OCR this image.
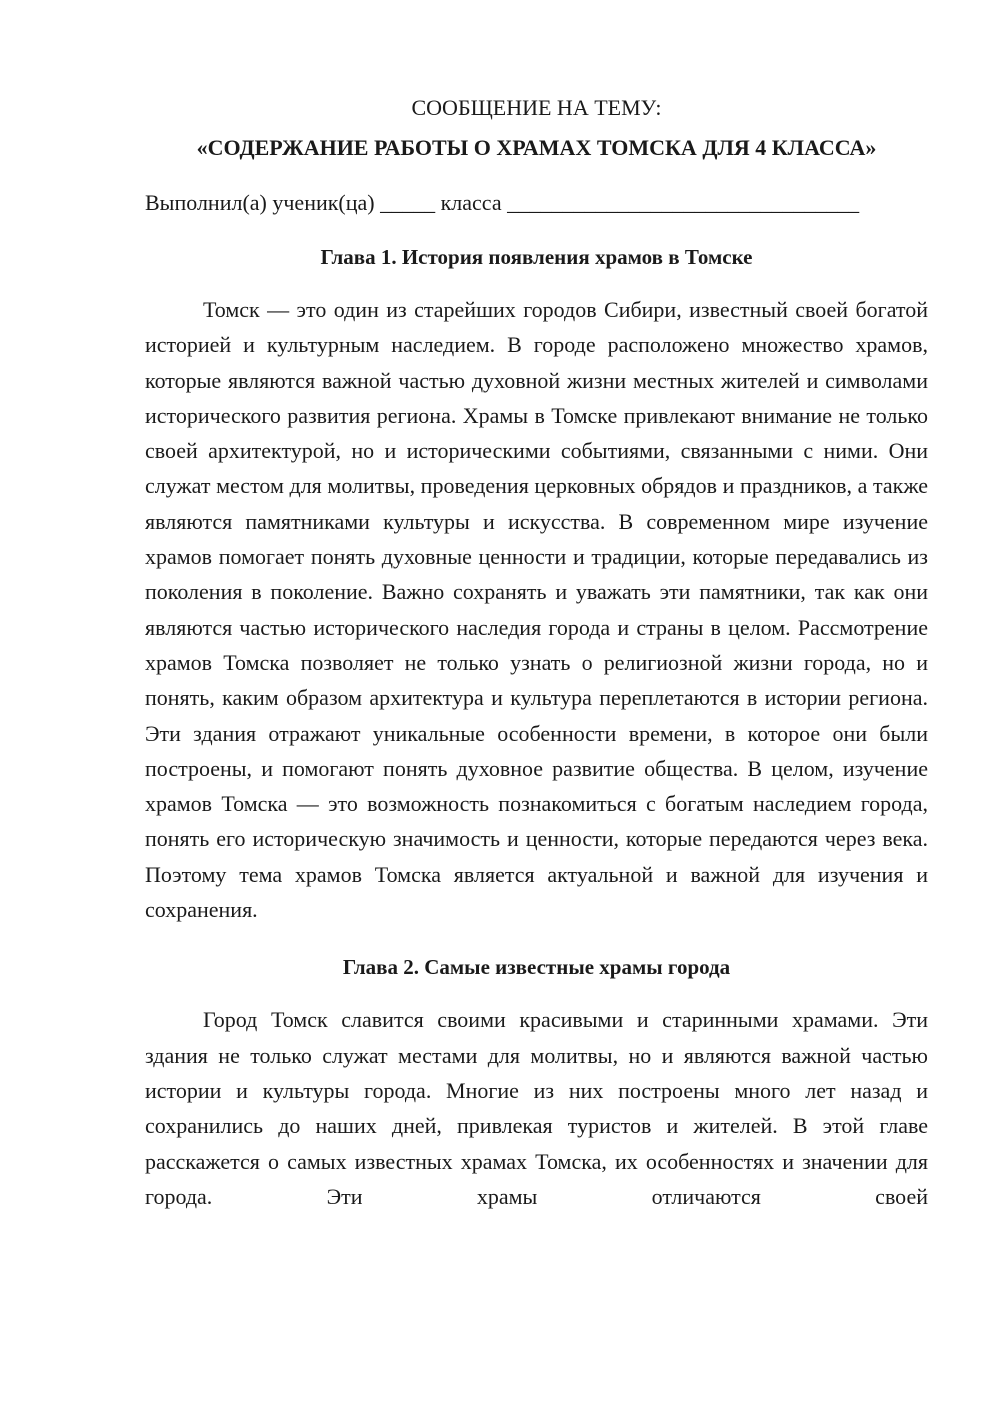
СООБЩЕНИЕ НА ТЕМУ:

«СОДЕРЖАНИЕ РАБОТЫ О ХРАМАХ ТОМСКА ДЛЯ 4 КЛАССА»

Выполнил(а) ученик(ца) _____ класса ________________________________
Глава 1. История появления храмов в Томске

Томск — это один из старейших городов Сибири, известный своей богатой историей и культурным наследием. В городе расположено множество храмов, которые являются важной частью духовной жизни местных жителей и символами исторического развития региона. Храмы в Томске привлекают внимание не только своей архитектурой, но и историческими событиями, связанными с ними. Они служат местом для молитвы, проведения церковных обрядов и праздников, а также являются памятниками культуры и искусства. В современном мире изучение храмов помогает понять духовные ценности и традиции, которые передавались из поколения в поколение. Важно сохранять и уважать эти памятники, так как они являются частью исторического наследия города и страны в целом. Рассмотрение храмов Томска позволяет не только узнать о религиозной жизни города, но и понять, каким образом архитектура и культура переплетаются в истории региона. Эти здания отражают уникальные особенности времени, в которое они были построены, и помогают понять духовное развитие общества. В целом, изучение храмов Томска — это возможность познакомиться с богатым наследием города, понять его историческую значимость и ценности, которые передаются через века. Поэтому тема храмов Томска является актуальной и важной для изучения и сохранения.

Глава 2. Самые известные храмы города

Город Томск славится своими красивыми и старинными храмами. Эти здания не только служат местами для молитвы, но и являются важной частью истории и культуры города. Многие из них построены много лет назад и сохранились до наших дней, привлекая туристов и жителей. В этой главе расскажется о самых известных храмах Томска, их особенностях и значении для города. Эти храмы отличаются своей
